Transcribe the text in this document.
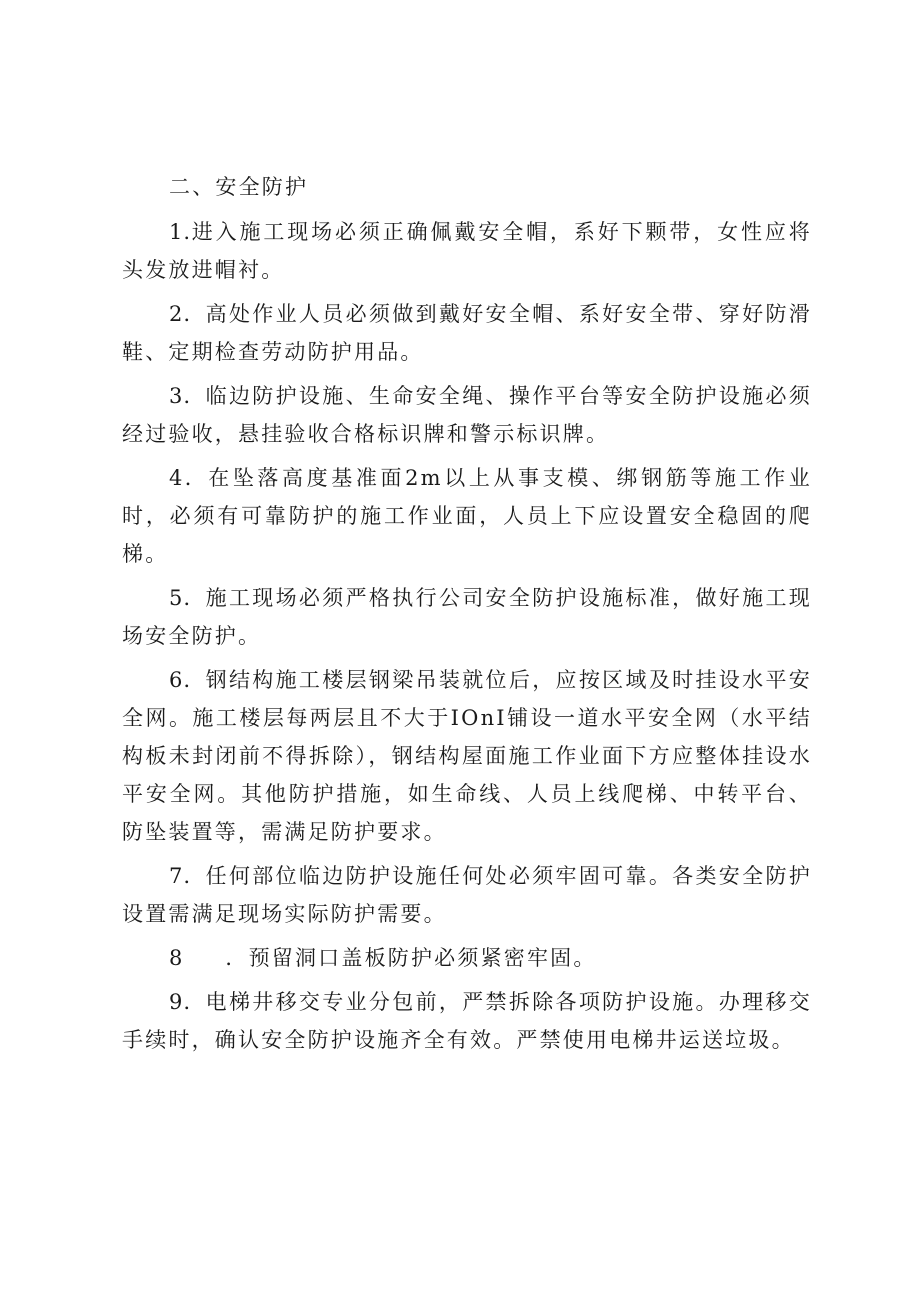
二、安全防护

1.进入施工现场必须正确佩戴安全帽，系好下颗带，女性应将头发放进帽衬。

2．高处作业人员必须做到戴好安全帽、系好安全带、穿好防滑鞋、定期检查劳动防护用品。

3．临边防护设施、生命安全绳、操作平台等安全防护设施必须经过验收，悬挂验收合格标识牌和警示标识牌。

4．在坠落高度基准面2m以上从事支模、绑钢筋等施工作业时，必须有可靠防护的施工作业面，人员上下应设置安全稳固的爬梯。

5．施工现场必须严格执行公司安全防护设施标准，做好施工现场安全防护。

6．钢结构施工楼层钢梁吊装就位后，应按区域及时挂设水平安全网。施工楼层每两层且不大于IOnI铺设一道水平安全网（水平结构板未封闭前不得拆除），钢结构屋面施工作业面下方应整体挂设水平安全网。其他防护措施，如生命线、人员上线爬梯、中转平台、防坠装置等，需满足防护要求。

7．任何部位临边防护设施任何处必须牢固可靠。各类安全防护设置需满足现场实际防护需要。

8 ．预留洞口盖板防护必须紧密牢固。

9．电梯井移交专业分包前，严禁拆除各项防护设施。办理移交手续时，确认安全防护设施齐全有效。严禁使用电梯井运送垃圾。
